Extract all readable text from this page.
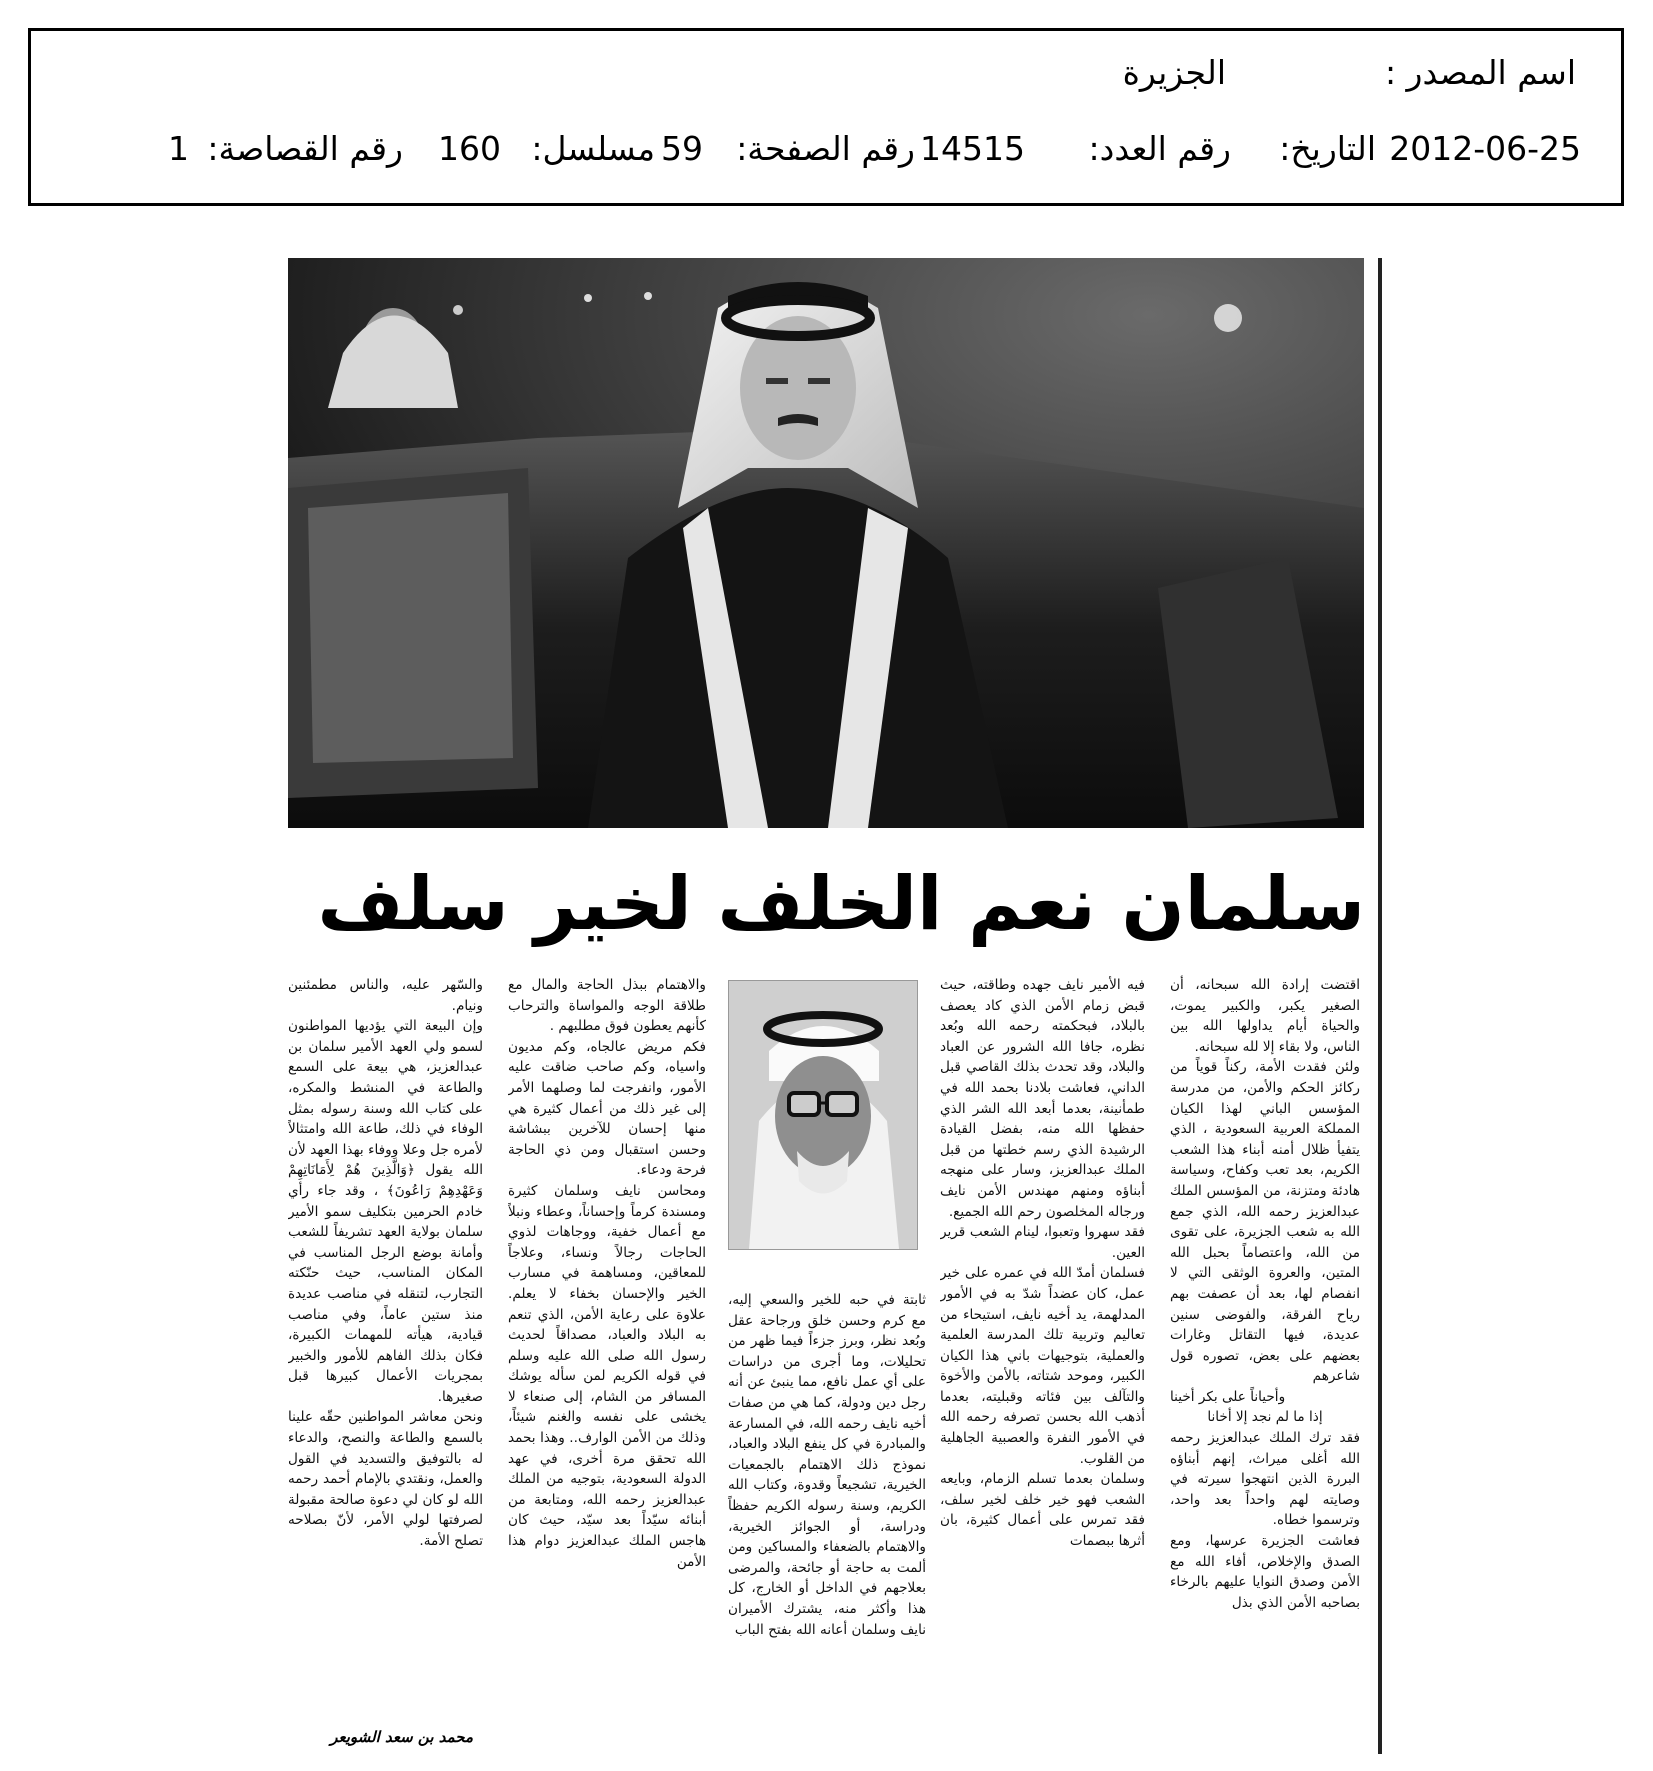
اسم المصدر :
الجزيرة
التاريخ: 2012-06-25
رقم العدد:
14515
رقم الصفحة:
59
مسلسل:
160
رقم القصاصة:
1
سلمان نعم الخلف لخير سلف

اقتضت إرادة الله سبحانه، أن الصغير يكبر، والكبير يموت، والحياة أيام يداولها الله بين الناس، ولا بقاء إلا لله سبحانه.

ولئن فقدت الأمة، ركناً قوياً من ركائز الحكم والأمن، من مدرسة المؤسس الباني لهذا الكيان المملكة العربية السعودية ، الذي يتفيأ ظلال أمنه أبناء هذا الشعب الكريم، بعد تعب وكفاح، وسياسة هادئة ومتزنة، من المؤسس الملك عبدالعزيز رحمه الله، الذي جمع الله به شعب الجزيرة، على تقوى من الله، واعتصاماً بحبل الله المتين، والعروة الوثقى التي لا انفصام لها، بعد أن عصفت بهم رياح الفرقة، والفوضى سنين عديدة، فيها التقاتل وغارات بعضهم على بعض، تصوره قول شاعرهم

وأحياناً على بكر أخينا

إذا ما لم نجد إلا أخانا

فقد ترك الملك عبدالعزيز رحمه الله أغلى ميراث، إنهم أبناؤه البررة الذين انتهجوا سيرته في وصايته لهم واحداً بعد واحد، وترسموا خطاه.

فعاشت الجزيرة عرسها، ومع الصدق والإخلاص، أفاء الله مع الأمن وصدق النوايا عليهم بالرخاء بصاحبه الأمن الذي بذل

فيه الأمير نايف جهده وطاقته، حيث قبض زمام الأمن الذي كاد يعصف بالبلاد، فبحكمته رحمه الله وبُعد نظره، جافا الله الشرور عن العباد والبلاد، وقد تحدث بذلك القاصي قبل الداني، فعاشت بلادنا بحمد الله في طمأنينة، بعدما أبعد الله الشر الذي حفظها الله منه، بفضل القيادة الرشيدة الذي رسم خطتها من قبل الملك عبدالعزيز، وسار على منهجه أبناؤه ومنهم مهندس الأمن نايف ورجاله المخلصون رحم الله الجميع.

فقد سهروا وتعبوا، لينام الشعب قرير العين.

فسلمان أمدّ الله في عمره على خير عمل، كان عضداً شدّ به في الأمور المدلهمة، يد أخيه نايف، استيحاء من تعاليم وتربية تلك المدرسة العلمية والعملية، بتوجيهات باني هذا الكيان الكبير، وموحد شتاته، بالأمن والأخوة والتآلف بين فئاته وقبليته، بعدما أذهب الله بحسن تصرفه رحمه الله في الأمور النفرة والعصبية الجاهلية من القلوب.

وسلمان بعدما تسلم الزمام، وبايعه الشعب فهو خير خلف لخير سلف، فقد تمرس على أعمال كثيرة، بان أثرها ببصمات

ثابتة في حبه للخير والسعي إليه، مع كرم وحسن خلق ورجاحة عقل وبُعد نظر، وبرز جزءاً فيما ظهر من تحليلات، وما أجرى من دراسات على أي عمل نافع، مما ينبئ عن أنه رجل دين ودولة، كما هي من صفات أخيه نايف رحمه الله، في المسارعة والمبادرة في كل ينفع البلاد والعباد، نموذج ذلك الاهتمام بالجمعيات الخيرية، تشجيعاً وقدوة، وكتاب الله الكريم، وسنة رسوله الكريم حفظاً ودراسة، أو الجوائز الخيرية، والاهتمام بالضعفاء والمساكين ومن ألمت به حاجة أو جائحة، والمرضى بعلاجهم في الداخل أو الخارج، كل هذا وأكثر منه، يشترك الأميران نايف وسلمان أعانه الله بفتح الباب

والاهتمام ببذل الحاجة والمال مع طلاقة الوجه والمواساة والترحاب كأنهم يعطون فوق مطلبهم .

فكم مريض عالجاه، وكم مديون واسياه، وكم صاحب ضاقت عليه الأمور، وانفرجت لما وصلهما الأمر إلى غير ذلك من أعمال كثيرة هي منها إحسان للآخرين ببشاشة وحسن استقبال ومن ذي الحاجة فرحة ودعاء.

ومحاسن نايف وسلمان كثيرة ومسندة كرماً وإحساناً، وعطاء ونبلاً مع أعمال خفية، ووجاهات لذوي الحاجات رجالاً ونساء، وعلاجاً للمعاقين، ومساهمة في مسارب الخير والإحسان بخفاء لا يعلم. علاوة على رعاية الأمن، الذي تنعم به البلاد والعباد، مصداقاً لحديث رسول الله صلى الله عليه وسلم في قوله الكريم لمن سأله يوشك المسافر من الشام، إلى صنعاء لا يخشى على نفسه والغنم شيئاً، وذلك من الأمن الوارف.. وهذا بحمد الله تحقق مرة أخرى، في عهد الدولة السعودية، بتوجيه من الملك عبدالعزيز رحمه الله، ومتابعة من أبنائه سيّداً بعد سيّد، حيث كان هاجس الملك عبدالعزيز دوام هذا الأمن

والسّهر عليه، والناس مطمئنين ونيام.

وإن البيعة التي يؤديها المواطنون لسمو ولي العهد الأمير سلمان بن عبدالعزيز، هي بيعة على السمع والطاعة في المنشط والمكره، على كتاب الله وسنة رسوله بمثل الوفاء في ذلك، طاعة الله وامتثالاً لأمره جل وعلا ووفاء بهذا العهد لأن الله يقول ﴿وَالَّذِينَ هُمْ لِأَمَانَاتِهِمْ وَعَهْدِهِمْ رَاعُونَ﴾ ، وقد جاء رأي خادم الحرمين بتكليف سمو الأمير سلمان بولاية العهد تشريفاً للشعب وأمانة بوضع الرجل المناسب في المكان المناسب، حيث حنّكته التجارب، لتنقله في مناصب عديدة منذ ستين عاماً، وفي مناصب قيادية، هيأته للمهمات الكبيرة، فكان بذلك الفاهم للأمور والخبير بمجريات الأعمال كبيرها قبل صغيرها.

ونحن معاشر المواطنين حقّه علينا بالسمع والطاعة والنصح، والدعاء له بالتوفيق والتسديد في القول والعمل، ونقتدي بالإمام أحمد رحمه الله لو كان لي دعوة صالحة مقبولة لصرفتها لولي الأمر، لأنّ بصلاحه تصلح الأمة.

محمد بن سعد الشويعر
